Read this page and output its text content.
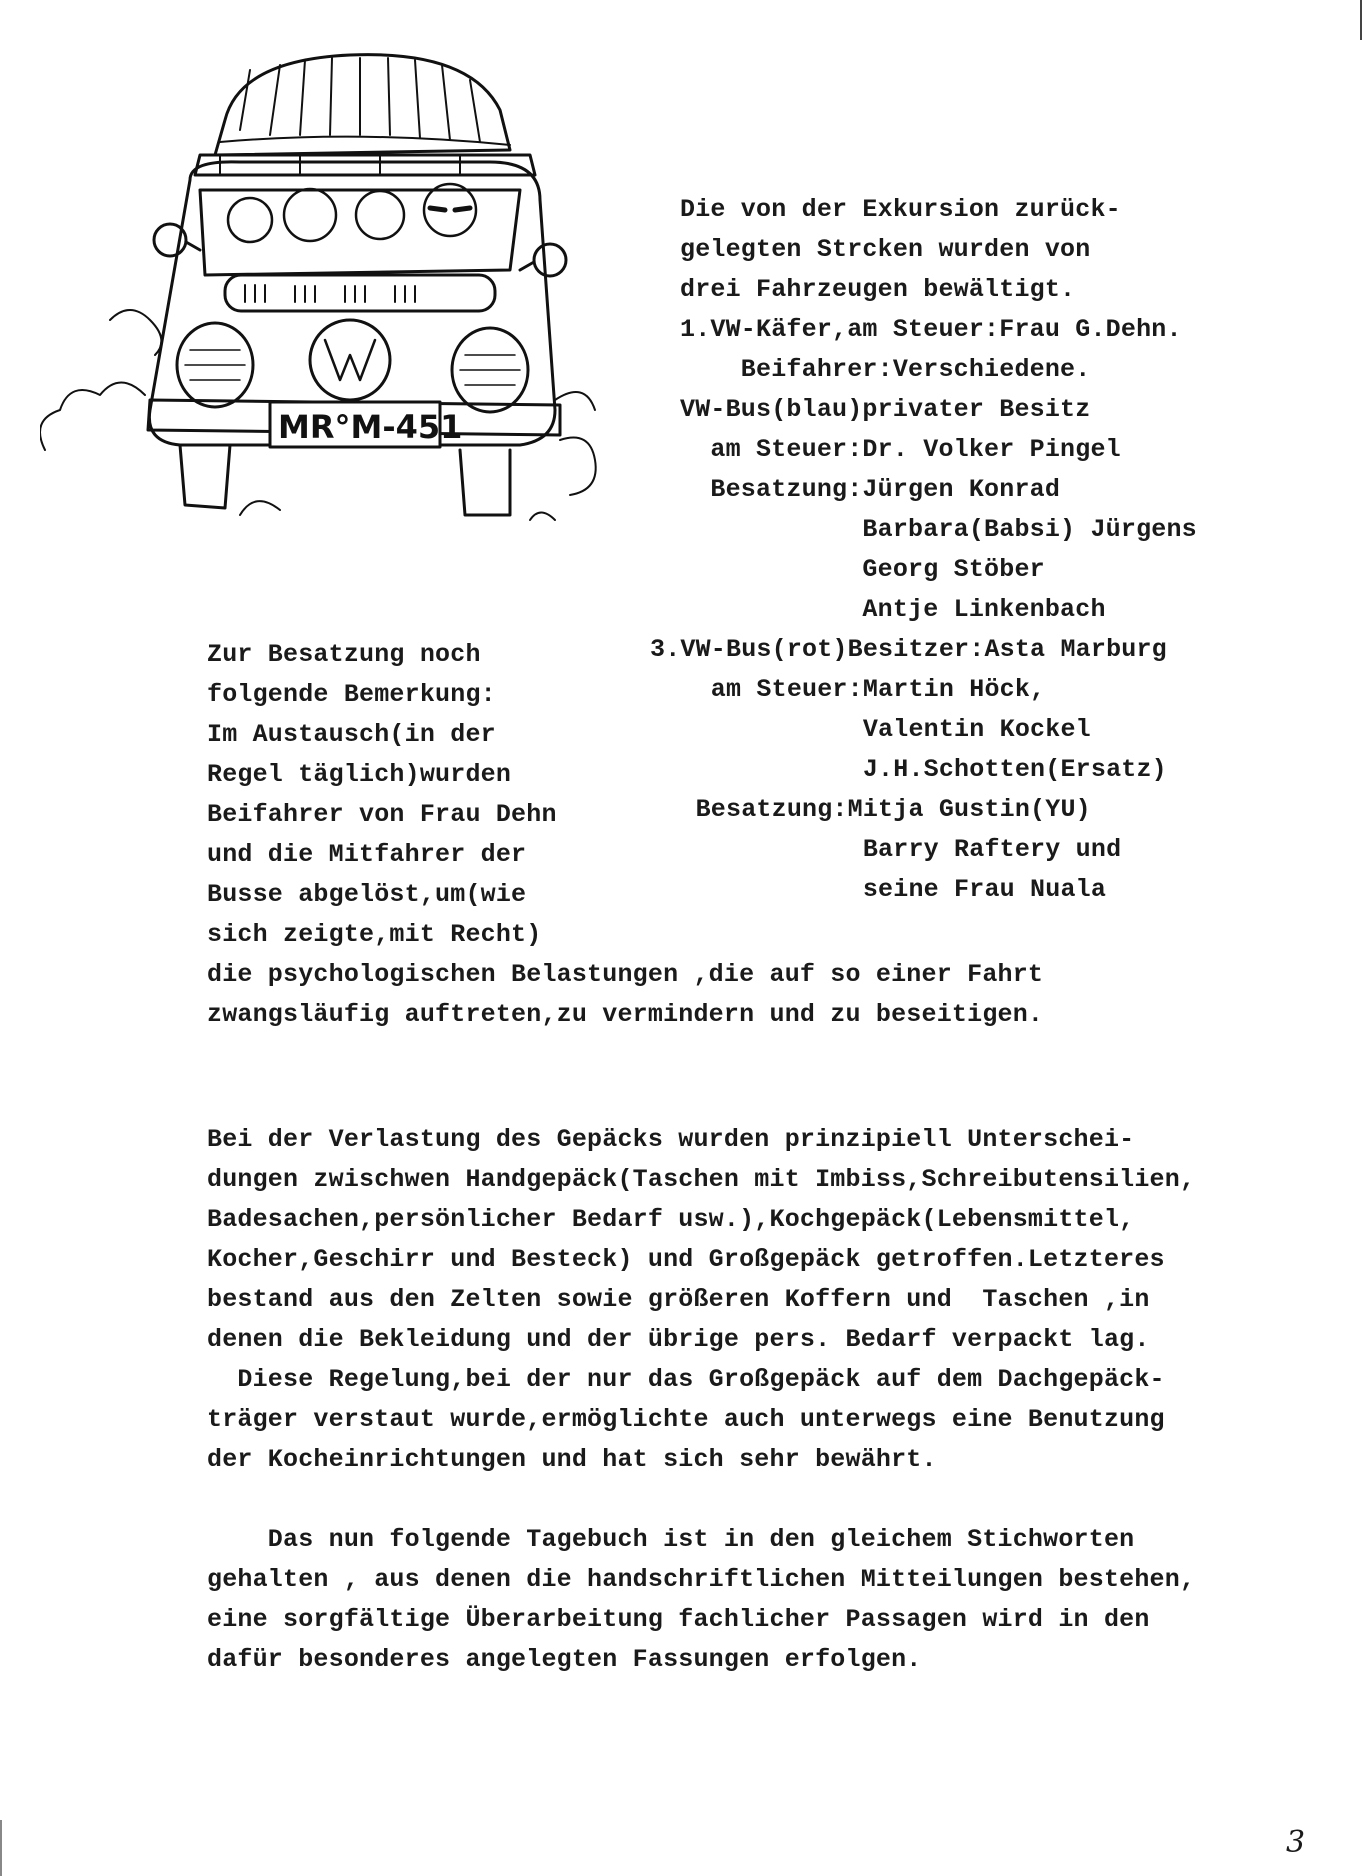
MR°M-451
Die von der Exkursion zurück-
gelegten Strcken wurden von
drei Fahrzeugen bewältigt.
1.VW-Käfer,am Steuer:Frau G.Dehn.
Beifahrer:Verschiedene.
VW-Bus(blau)privater Besitz
am Steuer:Dr. Volker Pingel
Besatzung:Jürgen Konrad
Barbara(Babsi) Jürgens
Georg Stöber
Antje Linkenbach
3.VW-Bus(rot)Besitzer:Asta Marburg
am Steuer:Martin Höck,
Valentin Kockel
J.H.Schotten(Ersatz)
Besatzung:Mitja Gustin(YU)
Barry Raftery und
seine Frau Nuala
Zur Besatzung noch
folgende Bemerkung:
Im Austausch(in der
Regel täglich)wurden
Beifahrer von Frau Dehn
und die Mitfahrer der
Busse abgelöst,um(wie
sich zeigte,mit Recht)
die psychologischen Belastungen ,die auf so einer Fahrt
zwangsläufig auftreten,zu vermindern und zu beseitigen.
Bei der Verlastung des Gepäcks wurden prinzipiell Unterschei-
dungen zwischwen Handgepäck(Taschen mit Imbiss,Schreibutensilien,
Badesachen,persönlicher Bedarf usw.),Kochgepäck(Lebensmittel,
Kocher,Geschirr und Besteck) und Großgepäck getroffen.Letzteres
bestand aus den Zelten sowie größeren Koffern und  Taschen ,in
denen die Bekleidung und der übrige pers. Bedarf verpackt lag.
Diese Regelung,bei der nur das Großgepäck auf dem Dachgepäck-
träger verstaut wurde,ermöglichte auch unterwegs eine Benutzung
der Kocheinrichtungen und hat sich sehr bewährt.
Das nun folgende Tagebuch ist in den gleichem Stichworten
gehalten , aus denen die handschriftlichen Mitteilungen bestehen,
eine sorgfältige Überarbeitung fachlicher Passagen wird in den
dafür besonderes angelegten Fassungen erfolgen.
3
